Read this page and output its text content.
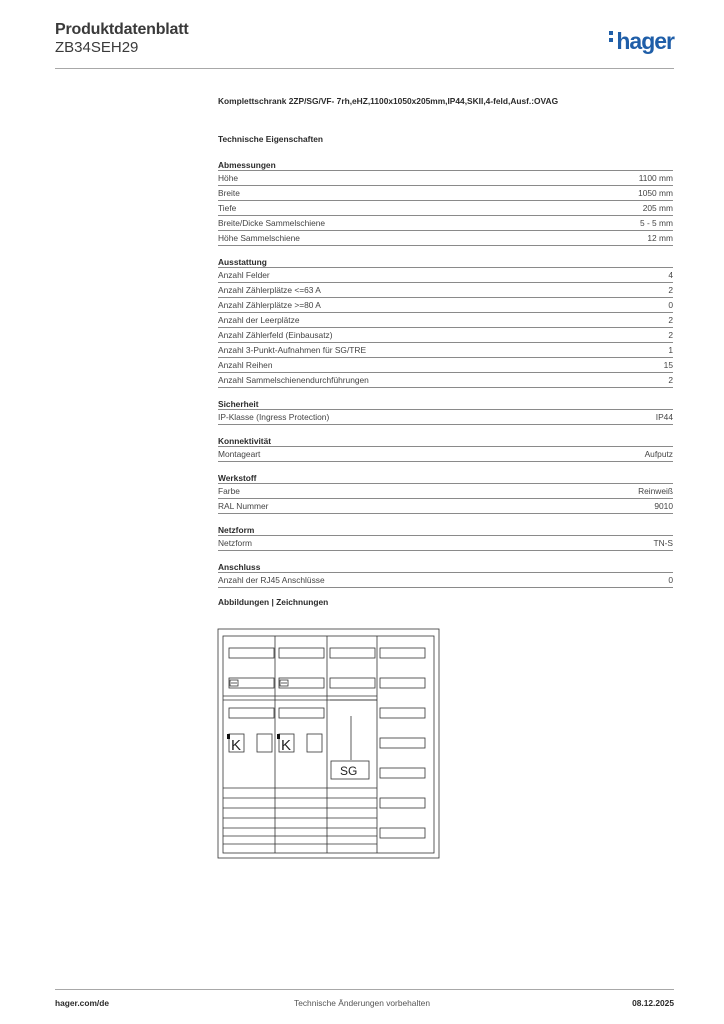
Produktdatenblatt
ZB34SEH29	hager
Komplettschrank 2ZP/SG/VF- 7rh,eHZ,1100x1050x205mm,IP44,SKII,4-feld,Ausf.:OVAG
Technische Eigenschaften
Abmessungen
Höhe	1100 mm
Breite	1050 mm
Tiefe	205 mm
Breite/Dicke Sammelschiene	5 - 5 mm
Höhe Sammelschiene	12 mm
Ausstattung
Anzahl Felder	4
Anzahl Zählerplätze <=63 A	2
Anzahl Zählerplätze >=80 A	0
Anzahl der Leerplätze	2
Anzahl Zählerfeld (Einbausatz)	2
Anzahl 3-Punkt-Aufnahmen für SG/TRE	1
Anzahl Reihen	15
Anzahl Sammelschienendurchführungen	2
Sicherheit
IP-Klasse (Ingress Protection)	IP44
Konnektivität
Montageart	Aufputz
Werkstoff
Farbe	Reinweiß
RAL Nummer	9010
Netzform
Netzform	TN-S
Anschluss
Anzahl der RJ45 Anschlüsse	0
Abbildungen | Zeichnungen
K	K
SG
hager.com/de	Technische Änderungen vorbehalten	08.12.2025
